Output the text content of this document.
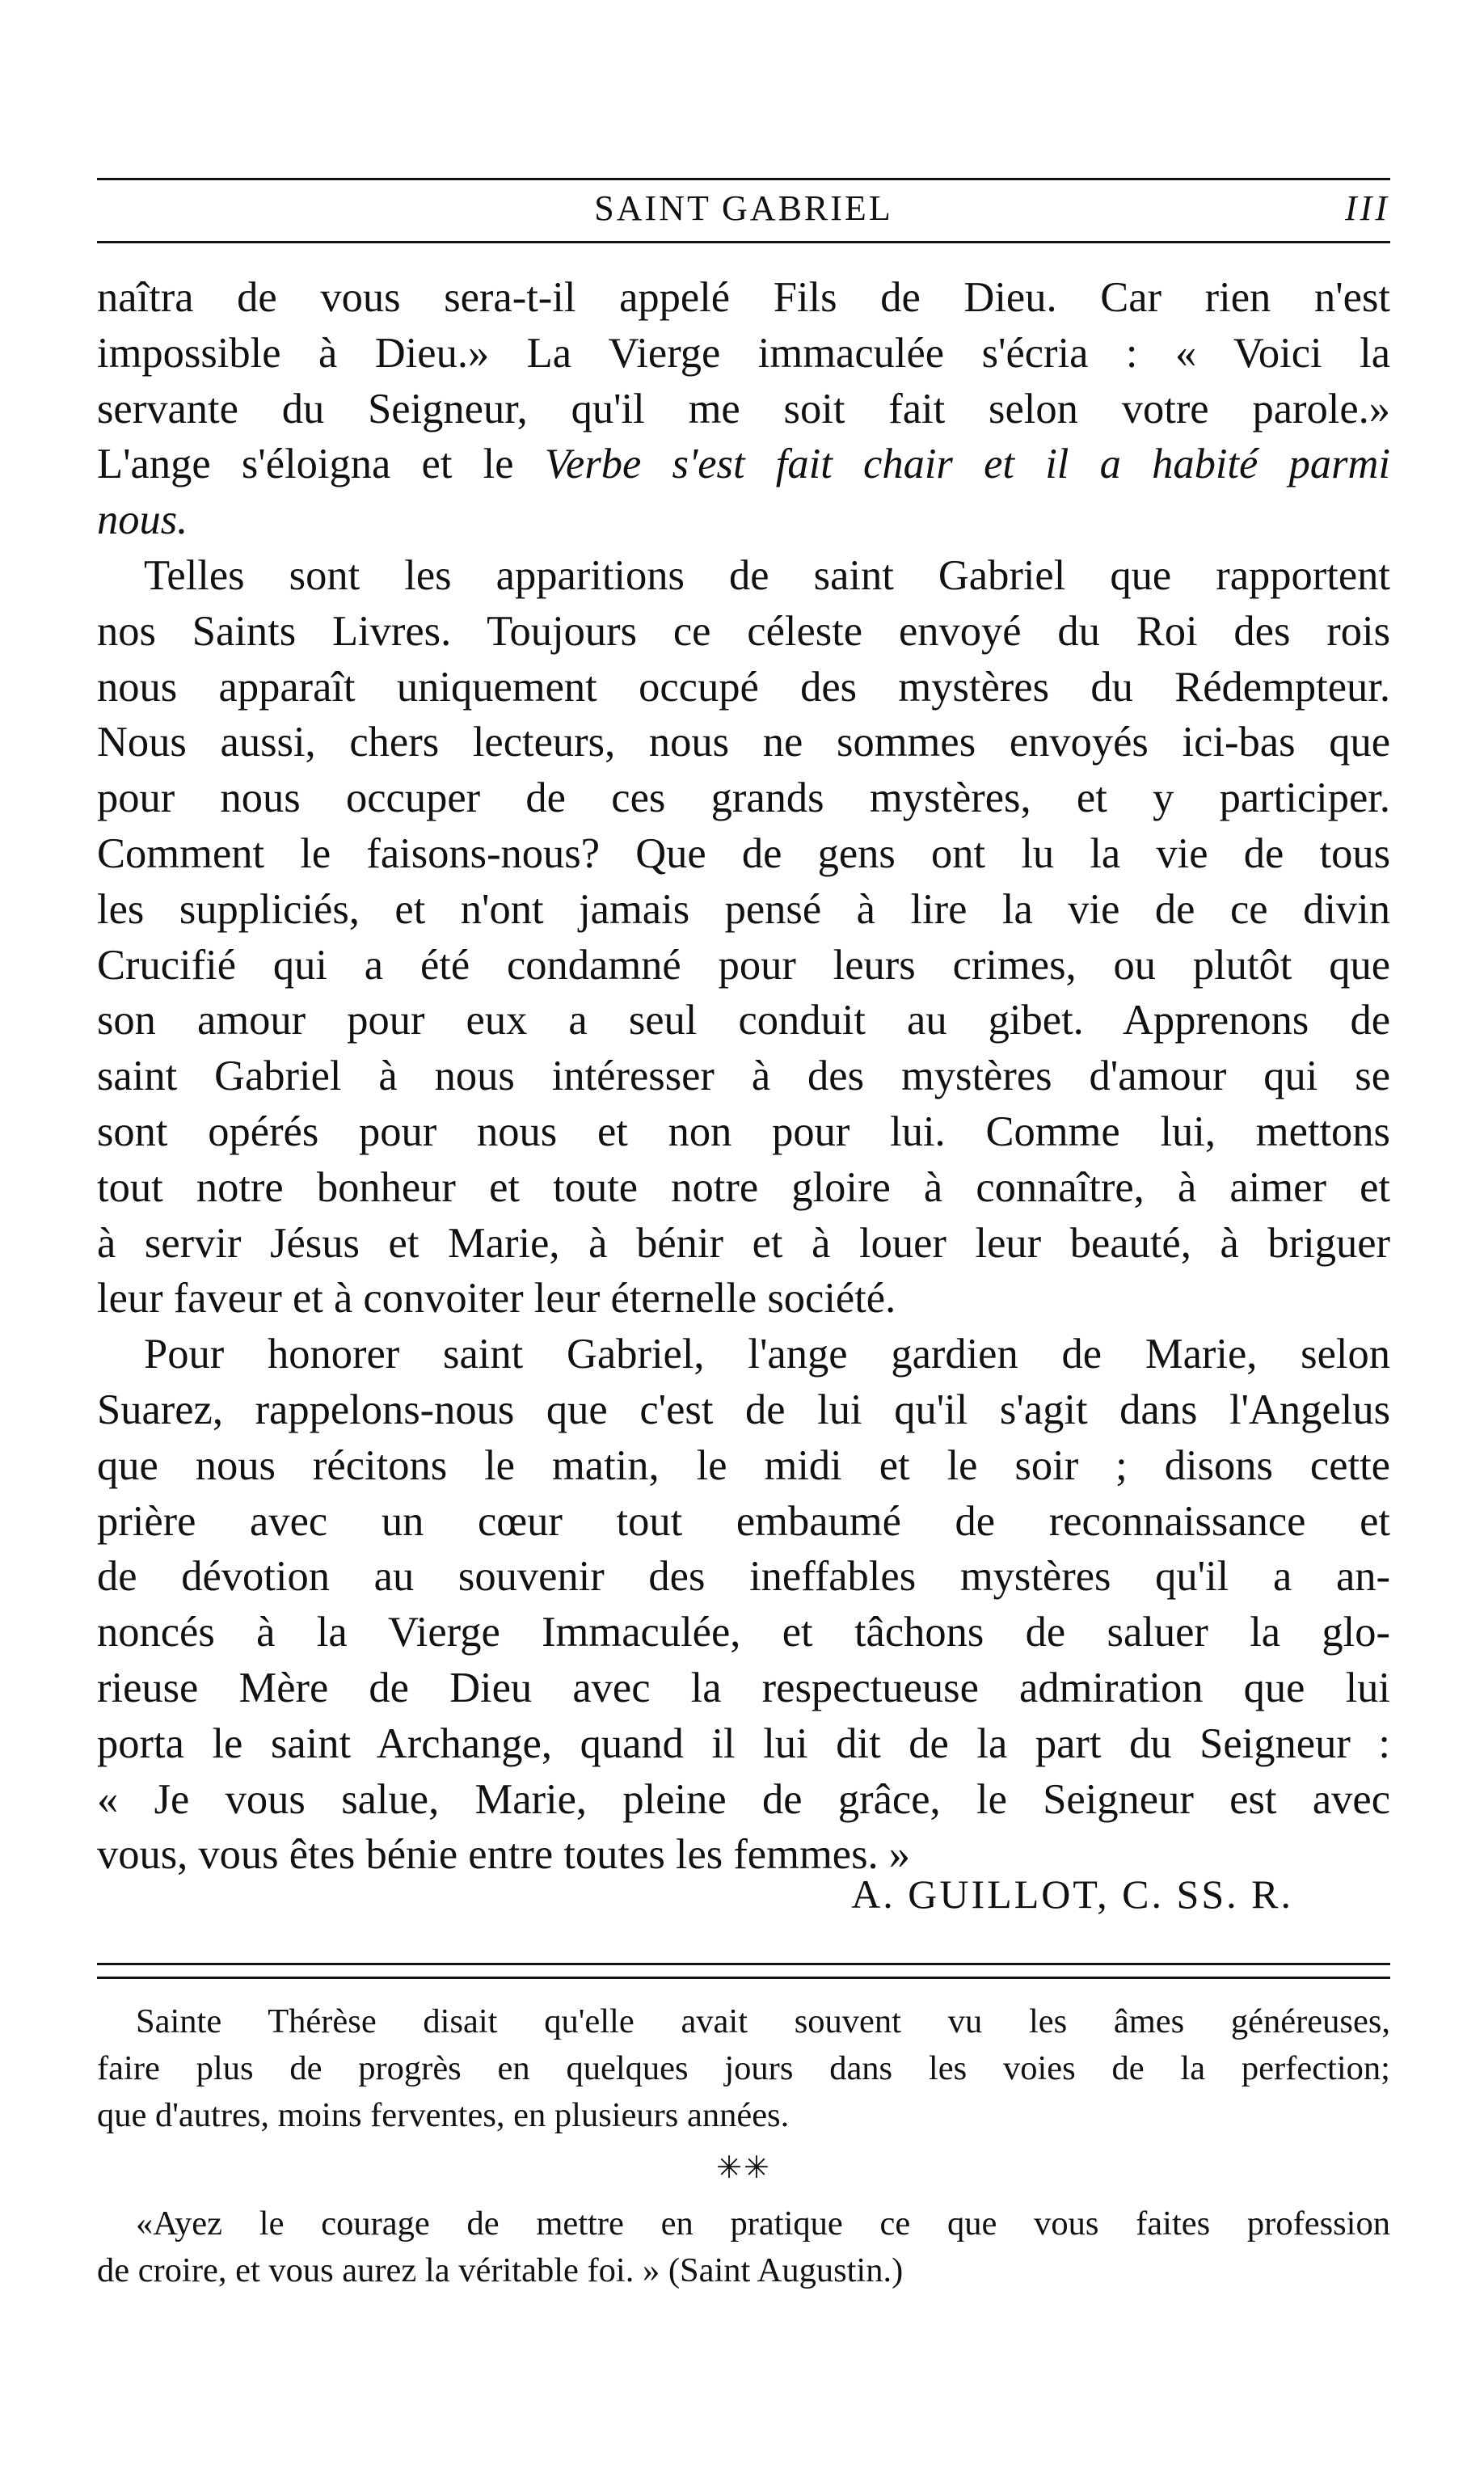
SAINT GABRIEL	III

naîtra de vous sera-t-il appelé Fils de Dieu. Car rien n'est
impossible à Dieu.» La Vierge immaculée s'écria : « Voici la
servante du Seigneur, qu'il me soit fait selon votre parole.»
L'ange s'éloigna et le Verbe s'est fait chair et il a habité parmi
nous.

Telles sont les apparitions de saint Gabriel que rapportent
nos Saints Livres. Toujours ce céleste envoyé du Roi des rois
nous apparaît uniquement occupé des mystères du Rédempteur.
Nous aussi, chers lecteurs, nous ne sommes envoyés ici-bas que
pour nous occuper de ces grands mystères, et y participer.
Comment le faisons-nous? Que de gens ont lu la vie de tous
les suppliciés, et n'ont jamais pensé à lire la vie de ce divin
Crucifié qui a été condamné pour leurs crimes, ou plutôt que
son amour pour eux a seul conduit au gibet. Apprenons de
saint Gabriel à nous intéresser à des mystères d'amour qui se
sont opérés pour nous et non pour lui. Comme lui, mettons
tout notre bonheur et toute notre gloire à connaître, à aimer et
à servir Jésus et Marie, à bénir et à louer leur beauté, à briguer
leur faveur et à convoiter leur éternelle société.

Pour honorer saint Gabriel, l'ange gardien de Marie, selon
Suarez, rappelons-nous que c'est de lui qu'il s'agit dans l'Angelus
que nous récitons le matin, le midi et le soir ; disons cette
prière avec un cœur tout embaumé de reconnaissance et
de dévotion au souvenir des ineffables mystères qu'il a an-
noncés à la Vierge Immaculée, et tâchons de saluer la glo-
rieuse Mère de Dieu avec la respectueuse admiration que lui
porta le saint Archange, quand il lui dit de la part du Seigneur :
« Je vous salue, Marie, pleine de grâce, le Seigneur est avec
vous, vous êtes bénie entre toutes les femmes. »

A. GUILLOT, C. SS. R.

Sainte Thérèse disait qu'elle avait souvent vu les âmes généreuses,
faire plus de progrès en quelques jours dans les voies de la perfection;
que d'autres, moins ferventes, en plusieurs années.

✳✳

«Ayez le courage de mettre en pratique ce que vous faites profession
de croire, et vous aurez la véritable foi. » (Saint Augustin.)
